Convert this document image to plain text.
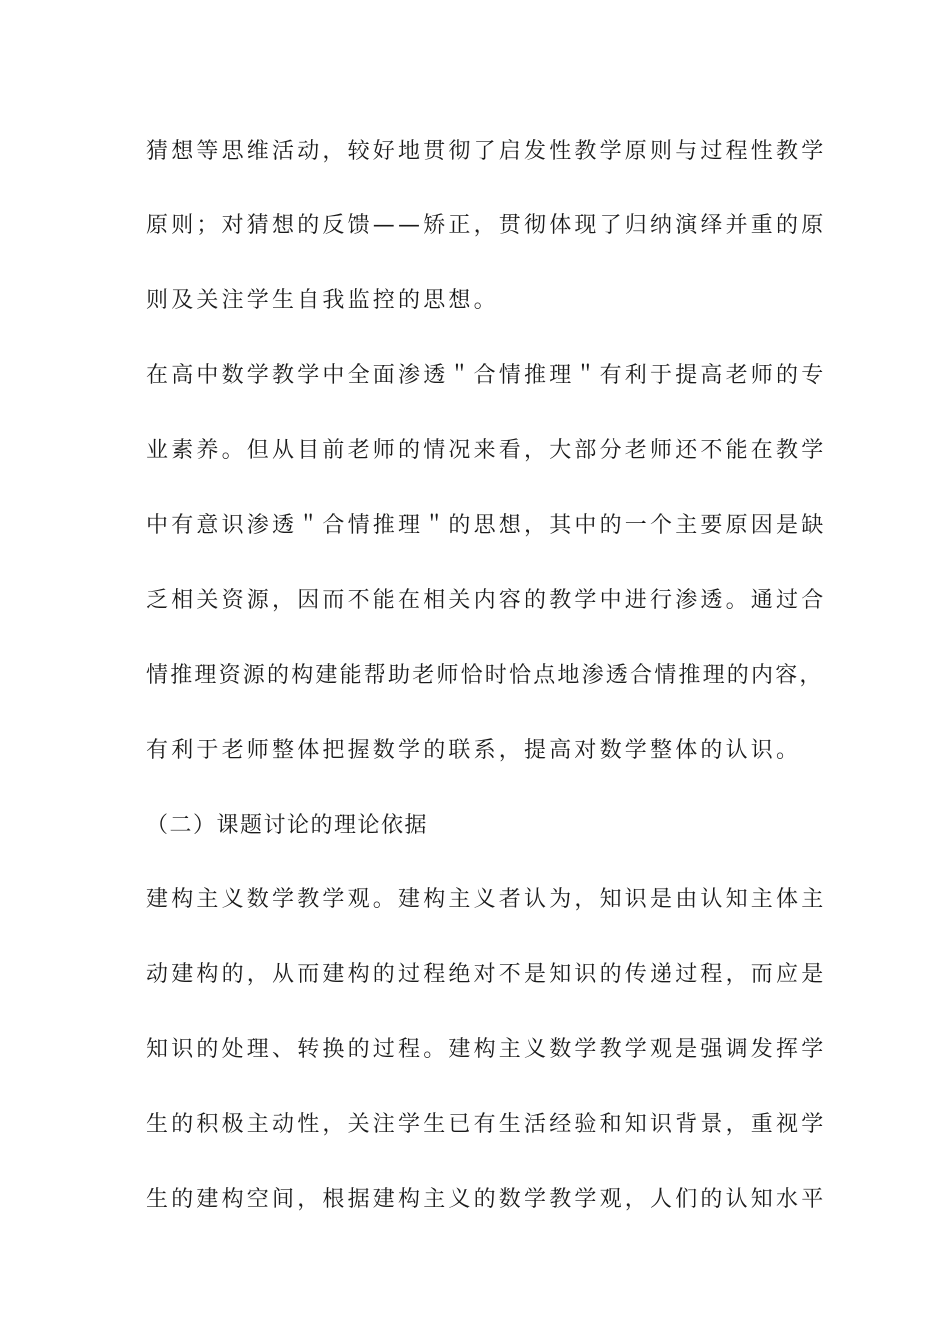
猜想等思维活动，较好地贯彻了启发性教学原则与过程性教学
原则；对猜想的反馈——矫正，贯彻体现了归纳演绎并重的原
则及关注学生自我监控的思想。
在高中数学教学中全面渗透＂合情推理＂有利于提高老师的专
业素养。但从目前老师的情况来看，大部分老师还不能在教学
中有意识渗透＂合情推理＂的思想，其中的一个主要原因是缺
乏相关资源，因而不能在相关内容的教学中进行渗透。通过合
情推理资源的构建能帮助老师恰时恰点地渗透合情推理的内容，
有利于老师整体把握数学的联系，提高对数学整体的认识。
（二）课题讨论的理论依据
建构主义数学教学观。建构主义者认为，知识是由认知主体主
动建构的，从而建构的过程绝对不是知识的传递过程，而应是
知识的处理、转换的过程。建构主义数学教学观是强调发挥学
生的积极主动性，关注学生已有生活经验和知识背景，重视学
生的建构空间，根据建构主义的数学教学观，人们的认知水平
